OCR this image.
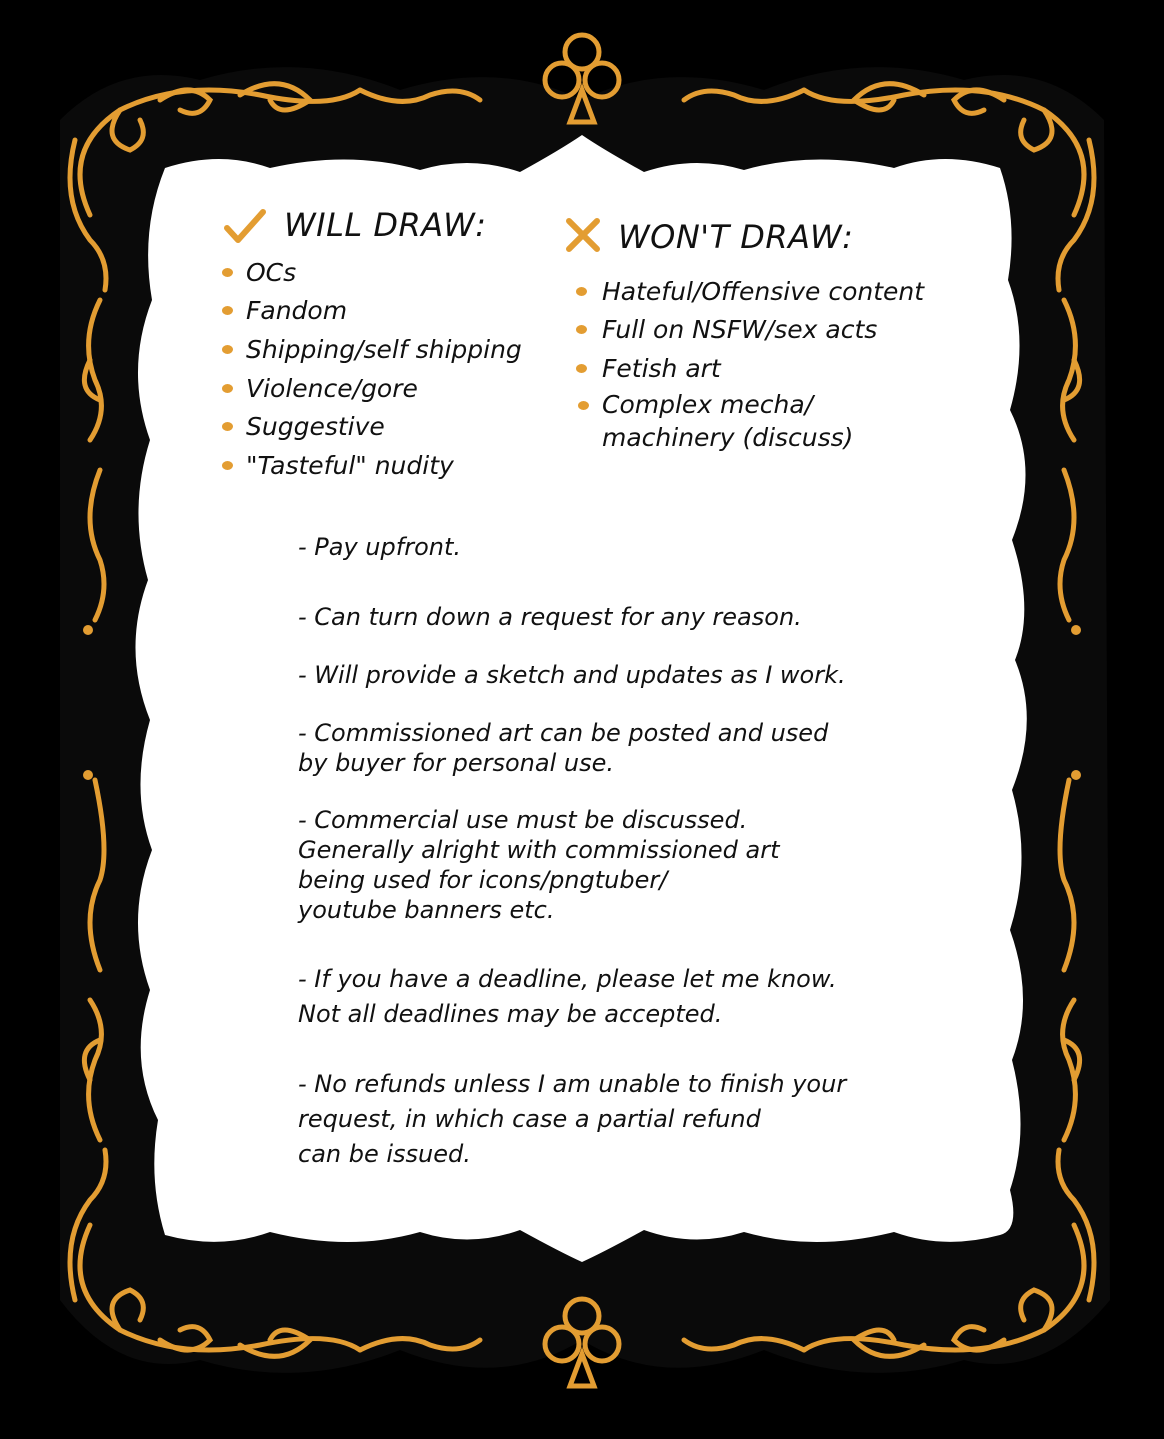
WILL DRAW:
OCs
Fandom
Shipping/self shipping
Violence/gore
Suggestive
"Tasteful" nudity
WON'T DRAW:
Hateful/Offensive content
Full on NSFW/sex acts
Fetish art
Complex mecha/
machinery (discuss)
- Pay upfront.
- Can turn down a request for any reason.
- Will provide a sketch and updates as I work.
- Commissioned art can be posted and used
by buyer for personal use.
- Commercial use must be discussed.
Generally alright with commissioned art
being used for icons/pngtuber/
youtube banners etc.
- If you have a deadline, please let me know.
Not all deadlines may be accepted.
- No refunds unless I am unable to finish your
request, in which case a partial refund
can be issued.
